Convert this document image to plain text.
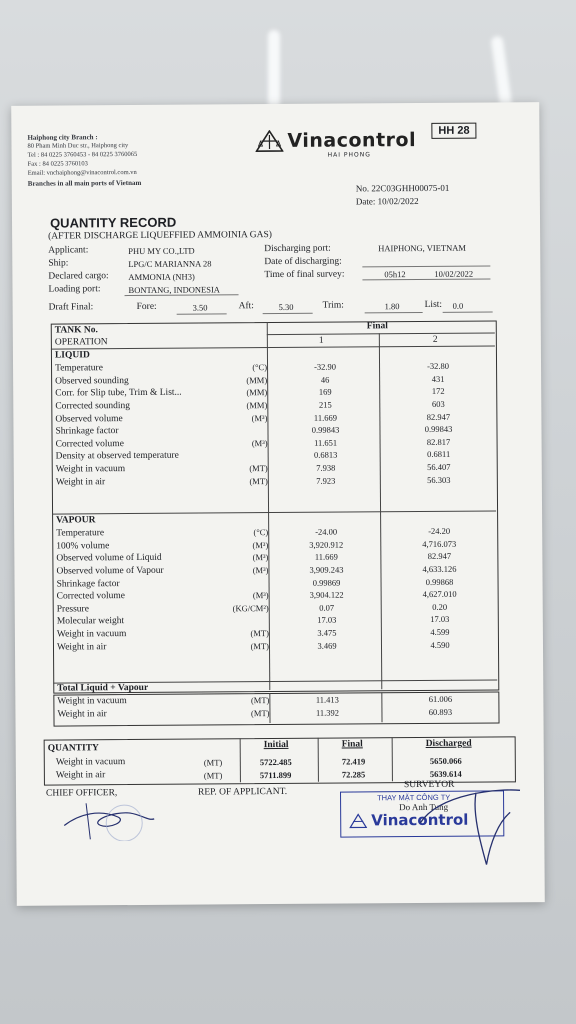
Haiphong city Branch :
80 Pham Minh Duc str., Haiphong city
Tel : 84 0225 3760453 - 84 0225 3760065
Fax : 84 0225 3760103
Email: vnchaiphong@vinacontrol.com.vn
Branches in all main ports of Vietnam
Vinacontrol
HAI PHONG
HH 28
No. 22C03GHH00075-01
Date: 10/02/2022
QUANTITY RECORD
(AFTER DISCHARGE LIQUEFFIED AMMOINIA GAS)
Applicant:	PHU MY CO.,LTD
Ship:	LPG/C MARIANNA 28
Declared cargo: AMMONIA (NH3)
Loading port:	BONTANG, INDONESIA
Discharging port:	HAIPHONG, VIETNAM
Date of discharging:
Time of final survey:	05h12	10/02/2022
Draft Final:	Fore:	3.50	Aft:	5.30	Trim:	1.80	List: 0.0
TANK No.
OPERATION
Final
1	2
LIQUID
Temperature	(°C)	-32.90	-32.80
Observed sounding	(MM)	46	431
Corr. for Slip tube, Trim & List...	(MM)	169	172
Corrected sounding	(MM)	215	603
Observed volume	(M³)	11.669	82.947
Shrinkage factor		0.99843	0.99843
Corrected volume	(M³)	11.651	82.817
Density at observed temperature		0.6813	0.6811
Weight in vacuum	(MT)	7.938	56.407
Weight in air	(MT)	7.923	56.303
VAPOUR
Temperature	(°C)	-24.00	-24.20
100% volume	(M³)	3,920.912	4,716.073
Observed volume of Liquid	(M³)	11.669	82.947
Observed volume of Vapour	(M³)	3,909.243	4,633.126
Shrinkage factor		0.99869	0.99868
Corrected volume	(M³)	3,904.122	4,627.010
Pressure	(KG/CM²)	0.07	0.20
Molecular weight		17.03	17.03
Weight in vacuum	(MT)	3.475	4.599
Weight in air	(MT)	3.469	4.590
Total Liquid + Vapour
Weight in vacuum	(MT)	11.413	61.006
Weight in air	(MT)	11.392	60.893
QUANTITY	Initial	Final	Discharged
Weight in vacuum	(MT)	5722.485	72.419	5650.066
Weight in air	(MT)	5711.899	72.285	5639.614
CHIEF OFFICER,	REP. OF APPLICANT.
SURVEYOR
THAY MẶT CÔNG TY
Do Anh Tung
Vinacontrol
